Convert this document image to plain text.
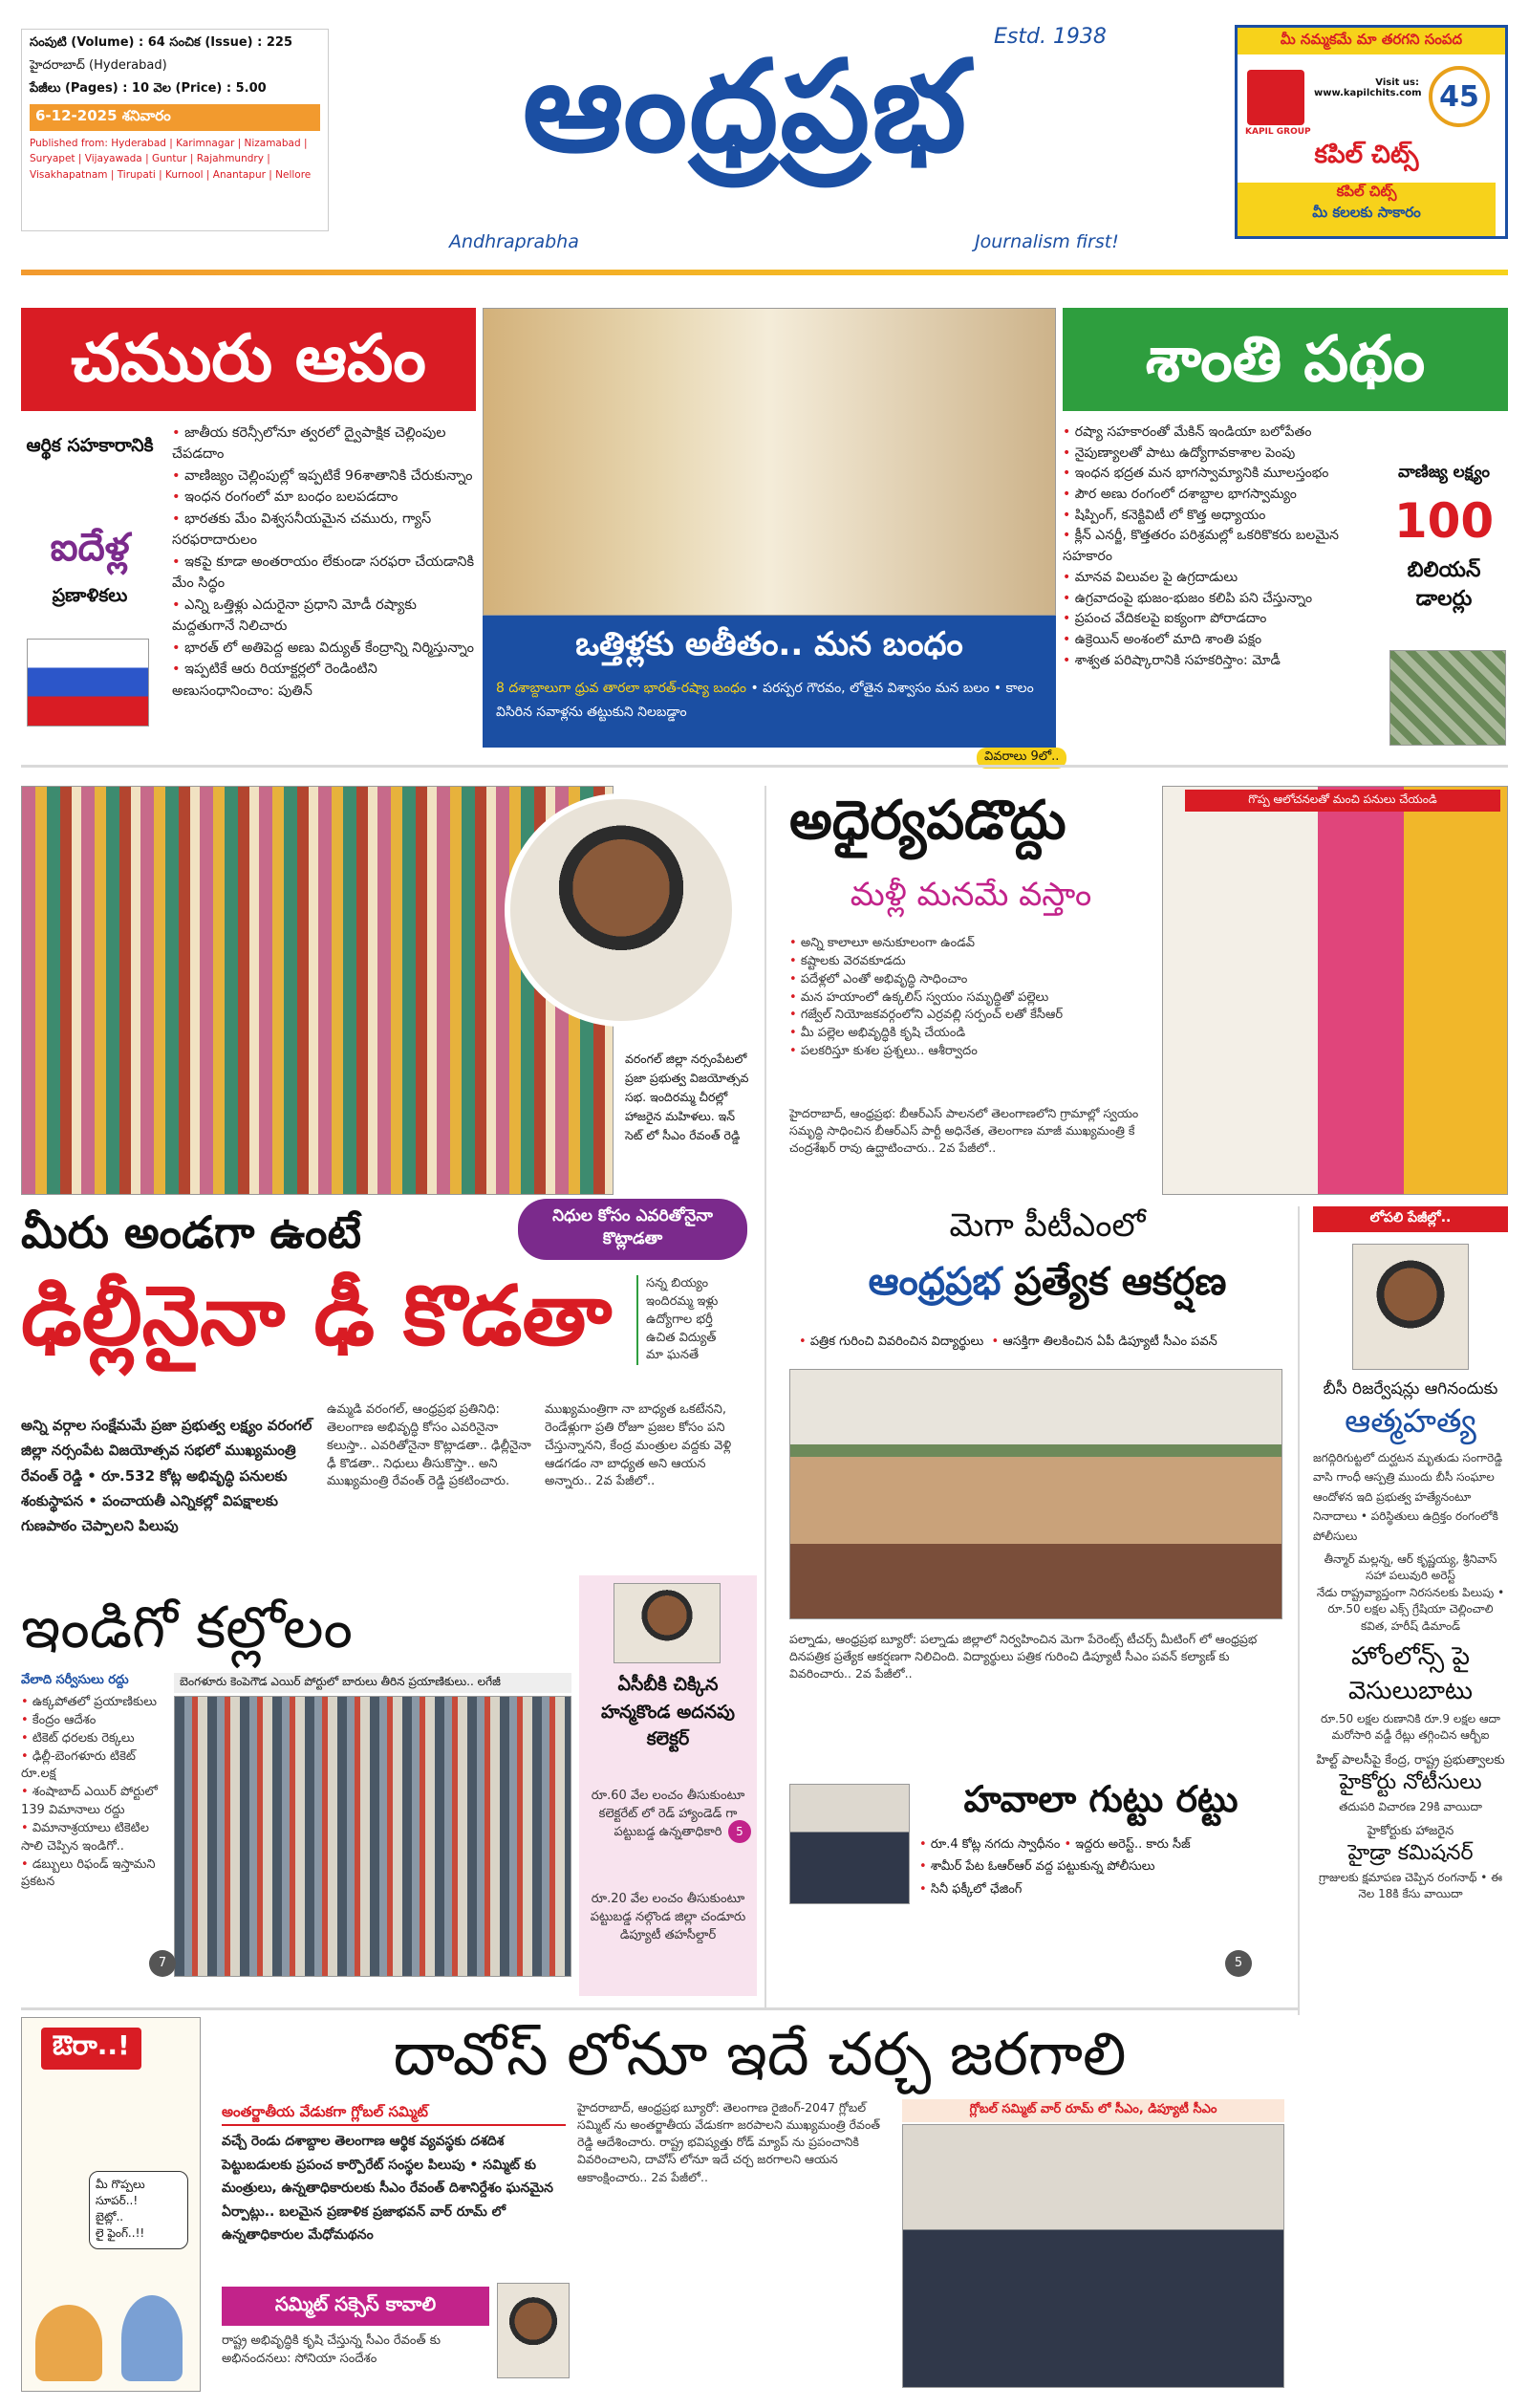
సంపుటి (Volume) : 64 సంచిక (Issue) : 225
హైదరాబాద్ (Hyderabad)
పేజీలు (Pages) : 10 వెల (Price) : 5.00
6-12-2025 శనివారం
Published from: Hyderabad | Karimnagar | Nizamabad | Suryapet | Vijayawada | Guntur | Rajahmundry | Visakhapatnam | Tirupati | Kurnool | Anantapur | Nellore
Estd. 1938
ఆంధ్రప్రభ
Andhraprabha	Journalism first!
మీ నమ్మకమే మా తరగని సంపద
KAPIL GROUP
Visit us: www.kapilchits.com 45
కపిల్ చిట్స్
కపిల్ చిట్స్
మీ కలలకు సాకారం
చమురు ఆపం
ఆర్థిక సహకారానికి
ఐదేళ్ల
ప్రణాళికలు
• జాతీయ కరెన్సీలోనూ త్వరలో ద్వైపాక్షిక చెల్లింపుల చేపడదాం
• వాణిజ్యం చెల్లింపుల్లో ఇప్పటికే 96శాతానికి చేరుకున్నాం
• ఇంధన రంగంలో మా బంధం బలపడదాం
• భారతకు మేం విశ్వసనీయమైన చమురు, గ్యాస్ సరఫరాదారులం
• ఇకపై కూడా అంతరాయం లేకుండా సరఫరా చేయడానికి మేం సిద్ధం
• ఎన్ని ఒత్తిళ్లు ఎదురైనా ప్రధాని మోడీ రష్యాకు మద్దతుగానే నిలిచారు
• భారత్ లో అతిపెద్ద అణు విద్యుత్ కేంద్రాన్ని నిర్మిస్తున్నాం
• ఇప్పటికే ఆరు రియాక్టర్లలో రెండింటిని అణుసంధానించాం: పుతిన్
ఒత్తిళ్లకు అతీతం.. మన బంధం
8 దశాబ్దాలుగా ధ్రువ తారలా భారత్-రష్యా బంధం • పరస్పర గౌరవం, లోతైన విశ్వాసం మన బలం • కాలం విసిరిన సవాళ్లను తట్టుకుని నిలబడ్డాం
వివరాలు 9లో..
శాంతి పథం
• రష్యా సహకారంతో మేకిన్ ఇండియా బలోపేతం
• నైపుణ్యాలతో పాటు ఉద్యోగావకాశాల పెంపు
• ఇంధన భద్రత మన భాగస్వామ్యానికి మూలస్తంభం
• పౌర అణు రంగంలో దశాబ్దాల భాగస్వామ్యం
• షిప్పింగ్, కనెక్టివిటీ లో కొత్త అధ్యాయం
• క్లీన్ ఎనర్జీ, కొత్తతరం పరిశ్రమల్లో ఒకరికొకరు బలమైన సహకారం
• మానవ విలువల పై ఉగ్రదాడులు
• ఉగ్రవాదంపై భుజం-భుజం కలిపి పని చేస్తున్నాం
• ప్రపంచ వేదికలపై ఐక్యంగా పోరాడదాం
• ఉక్రెయిన్ అంశంలో మాది శాంతి పక్షం
• శాశ్వత పరిష్కారానికి సహకరిస్తాం: మోడీ
వాణిజ్య లక్ష్యం
100
బిలియన్ డాలర్లు
వరంగల్ జిల్లా నర్సంపేటలో ప్రజా ప్రభుత్వ విజయోత్సవ సభ. ఇందిరమ్మ చీరల్లో హాజరైన మహిళలు. ఇన్ సెట్ లో సీఎం రేవంత్ రెడ్డి
మీరు అండగా ఉంటే	నిధుల కోసం ఎవరితోనైనా కొట్లాడతా
ఢిల్లీనైనా ఢీ కొడతా	సన్న బియ్యం
ఇందిరమ్మ ఇళ్లు
ఉద్యోగాల భర్తీ
ఉచిత విద్యుత్
మా ఘనతే
అన్ని వర్గాల సంక్షేమమే ప్రజా ప్రభుత్వ లక్ష్యం వరంగల్ జిల్లా నర్సంపేట విజయోత్సవ సభలో ముఖ్యమంత్రి రేవంత్ రెడ్డి • రూ.532 కోట్ల అభివృద్ధి పనులకు శంకుస్థాపన • పంచాయతీ ఎన్నికల్లో విపక్షాలకు గుణపాఠం చెప్పాలని పిలుపు
ఉమ్మడి వరంగల్, ఆంధ్రప్రభ ప్రతినిధి: తెలంగాణ అభివృద్ధి కోసం ఎవరినైనా కలుస్తా.. ఎవరితోనైనా కొట్లాడతా.. ఢిల్లీనైనా ఢీ కొడతా.. నిధులు తీసుకొస్తా.. అని ముఖ్యమంత్రి రేవంత్ రెడ్డి ప్రకటించారు.
ముఖ్యమంత్రిగా నా బాధ్యత ఒకటేనని, రెండేళ్లుగా ప్రతి రోజూ ప్రజల కోసం పని చేస్తున్నానని, కేంద్ర మంత్రుల వద్దకు వెళ్లి ఆడగడం నా బాధ్యత అని ఆయన అన్నారు.. 2వ పేజీలో..
అధైర్యపడొద్దు
మళ్లీ మనమే వస్తాం
• అన్ని కాలాలూ అనుకూలంగా ఉండవ్
• కష్టాలకు వెరవకూడదు
• పదేళ్లలో ఎంతో అభివృద్ధి సాధించాం
• మన హయాంలో ఉక్కలిస్ స్వయం సమృద్ధితో పల్లెలు
• గజ్వేల్ నియోజకవర్గంలోని ఎర్రవల్లి సర్పంచ్ లతో కేసీఆర్
• మీ పల్లెల అభివృద్ధికి కృషి చేయండి
• పలకరిస్తూ కుశల ప్రశ్నలు.. ఆశీర్వాదం
హైదరాబాద్, ఆంధ్రప్రభ: బీఆర్ఎస్ పాలనలో తెలంగాణలోని గ్రామాల్లో స్వయం సమృద్ధి సాధించిన బీఆర్ఎస్ పార్టీ అధినేత, తెలంగాణ మాజీ ముఖ్యమంత్రి కే చంద్రశేఖర్ రావు ఉద్ఘాటించారు.. 2వ పేజీలో..
గొప్ప ఆలోచనలతో మంచి పనులు చేయండి
మెగా పీటీఎంలో
ఆంధ్రప్రభ ప్రత్యేక ఆకర్షణ
• పత్రిక గురించి వివరించిన విద్యార్థులు • ఆసక్తిగా తిలకించిన ఏపీ డిప్యూటీ సీఎం పవన్
పల్నాడు, ఆంధ్రప్రభ బ్యూరో: పల్నాడు జిల్లాలో నిర్వహించిన మెగా పేరెంట్స్ టీచర్స్ మీటింగ్ లో ఆంధ్రప్రభ దినపత్రిక ప్రత్యేక ఆకర్షణగా నిలిచింది. విద్యార్థులు పత్రిక గురించి డిప్యూటీ సీఎం పవన్ కల్యాణ్ కు వివరించారు.. 2వ పేజీలో..
హవాలా గుట్టు రట్టు
• రూ.4 కోట్ల నగదు స్వాధీనం • ఇద్దరు అరెస్ట్.. కారు సీజ్
• శామీర్ పేట ఓఆర్ఆర్ వద్ద పట్టుకున్న పోలీసులు
• సినీ ఫక్కీలో ఛేజింగ్
5
ఇండిగో కల్లోలం
వేలాది సర్వీసులు రద్దు
• ఉక్కపోతలో ప్రయాణికులు
• కేంద్రం ఆదేశం
• టికెట్ ధరలకు రెక్కలు
• ఢిల్లీ-బెంగళూరు టికెట్ రూ.లక్ష
• శంషాబాద్ ఎయిర్ పోర్టులో 139 విమానాలు రద్దు
• విమానాశ్రయాలు టికెటిల సాలి చెప్పిన ఇండిగో..
• డబ్బులు రిఫండ్ ఇస్తామని ప్రకటన
బెంగళూరు కెంపెగౌడ ఎయిర్ పోర్టులో బారులు తీరిన ప్రయాణికులు.. లగేజీ
7
ఏసీబీకి చిక్కిన హన్మకొండ అదనపు కలెక్టర్
రూ.60 వేల లంచం తీసుకుంటూ కలెక్టరేట్ లో రెడ్ హ్యాండెడ్ గా పట్టుబడ్డ ఉన్నతాధికారి
రూ.20 వేల లంచం తీసుకుంటూ పట్టుబడ్డ నల్గొండ జిల్లా చండూరు డిప్యూటీ తహసీల్దార్
5
లోపలి పేజీల్లో..
బీసీ రిజర్వేషన్లు ఆగినందుకు
ఆత్మహత్య
జగద్గిరిగుట్టలో దుర్ఘటన మృతుడు సంగారెడ్డి వాసి గాంధీ ఆస్పత్రి ముందు బీసీ సంఘాల ఆందోళన ఇది ప్రభుత్వ హత్యేనంటూ నినాదాలు • పరిస్థితులు ఉద్రిక్తం రంగంలోకి పోలీసులు
తీన్మార్ మల్లన్న, ఆర్ కృష్ణయ్య, శ్రీనివాస్ సహా పలువురి అరెస్ట్
నేడు రాష్ట్రవ్యాప్తంగా నిరసనలకు పిలుపు • రూ.50 లక్షల ఎక్స్ గ్రేషియా చెల్లించాలి కవిత, హరీష్ డిమాండ్
హోంలోన్స్ పై వెసులుబాటు
రూ.50 లక్షల రుణానికి రూ.9 లక్షల ఆదా మరోసారి వడ్డీ రేట్లు తగ్గించిన ఆర్బీఐ
హిల్ట్ పాలసీపై కేంద్ర, రాష్ట్ర ప్రభుత్వాలకు
హైకోర్టు నోటీసులు
తదుపరి విచారణ 29కి వాయిదా
హైకోర్టుకు హాజరైన
హైడ్రా కమిషనర్
గ్రాజులకు క్షమాపణ చెప్పిన రంగనాథ్ • ఈ నెల 18కి కేసు వాయిదా
ఔరా..!
మీ గొప్పలు సూపర్..!
బైట్లో..
లై ఫైంగ్..!!
దావోస్ లోనూ ఇదే చర్చ జరగాలి
అంతర్జాతీయ వేడుకగా గ్లోబల్ సమ్మిట్
వచ్చే రెండు దశాబ్దాల తెలంగాణ ఆర్థిక వ్యవస్థకు దశదిశ పెట్టుబడులకు ప్రపంచ కార్పొరేట్ సంస్థల పిలుపు • సమ్మిట్ కు మంత్రులు, ఉన్నతాధికారులకు సీఎం రేవంత్ దిశానిర్దేశం ఘనమైన ఏర్పాట్లు.. బలమైన ప్రణాళిక ప్రజాభవన్ వార్ రూమ్ లో ఉన్నతాధికారుల మేధోమథనం
సమ్మిట్ సక్సెస్ కావాలి
రాష్ట్ర అభివృద్ధికి కృషి చేస్తున్న సీఎం రేవంత్ కు అభినందనలు: సోనియా సందేశం
హైదరాబాద్, ఆంధ్రప్రభ బ్యూరో: తెలంగాణ రైజింగ్-2047 గ్లోబల్ సమ్మిట్ ను అంతర్జాతీయ వేడుకగా జరపాలని ముఖ్యమంత్రి రేవంత్ రెడ్డి ఆదేశించారు. రాష్ట్ర భవిష్యత్తు రోడ్ మ్యాప్ ను ప్రపంచానికి వివరించాలని, దావోస్ లోనూ ఇదే చర్చ జరగాలని ఆయన ఆకాంక్షించారు.. 2వ పేజీలో..
గ్లోబల్ సమ్మిట్ వార్ రూమ్ లో సీఎం, డిప్యూటీ సీఎం
